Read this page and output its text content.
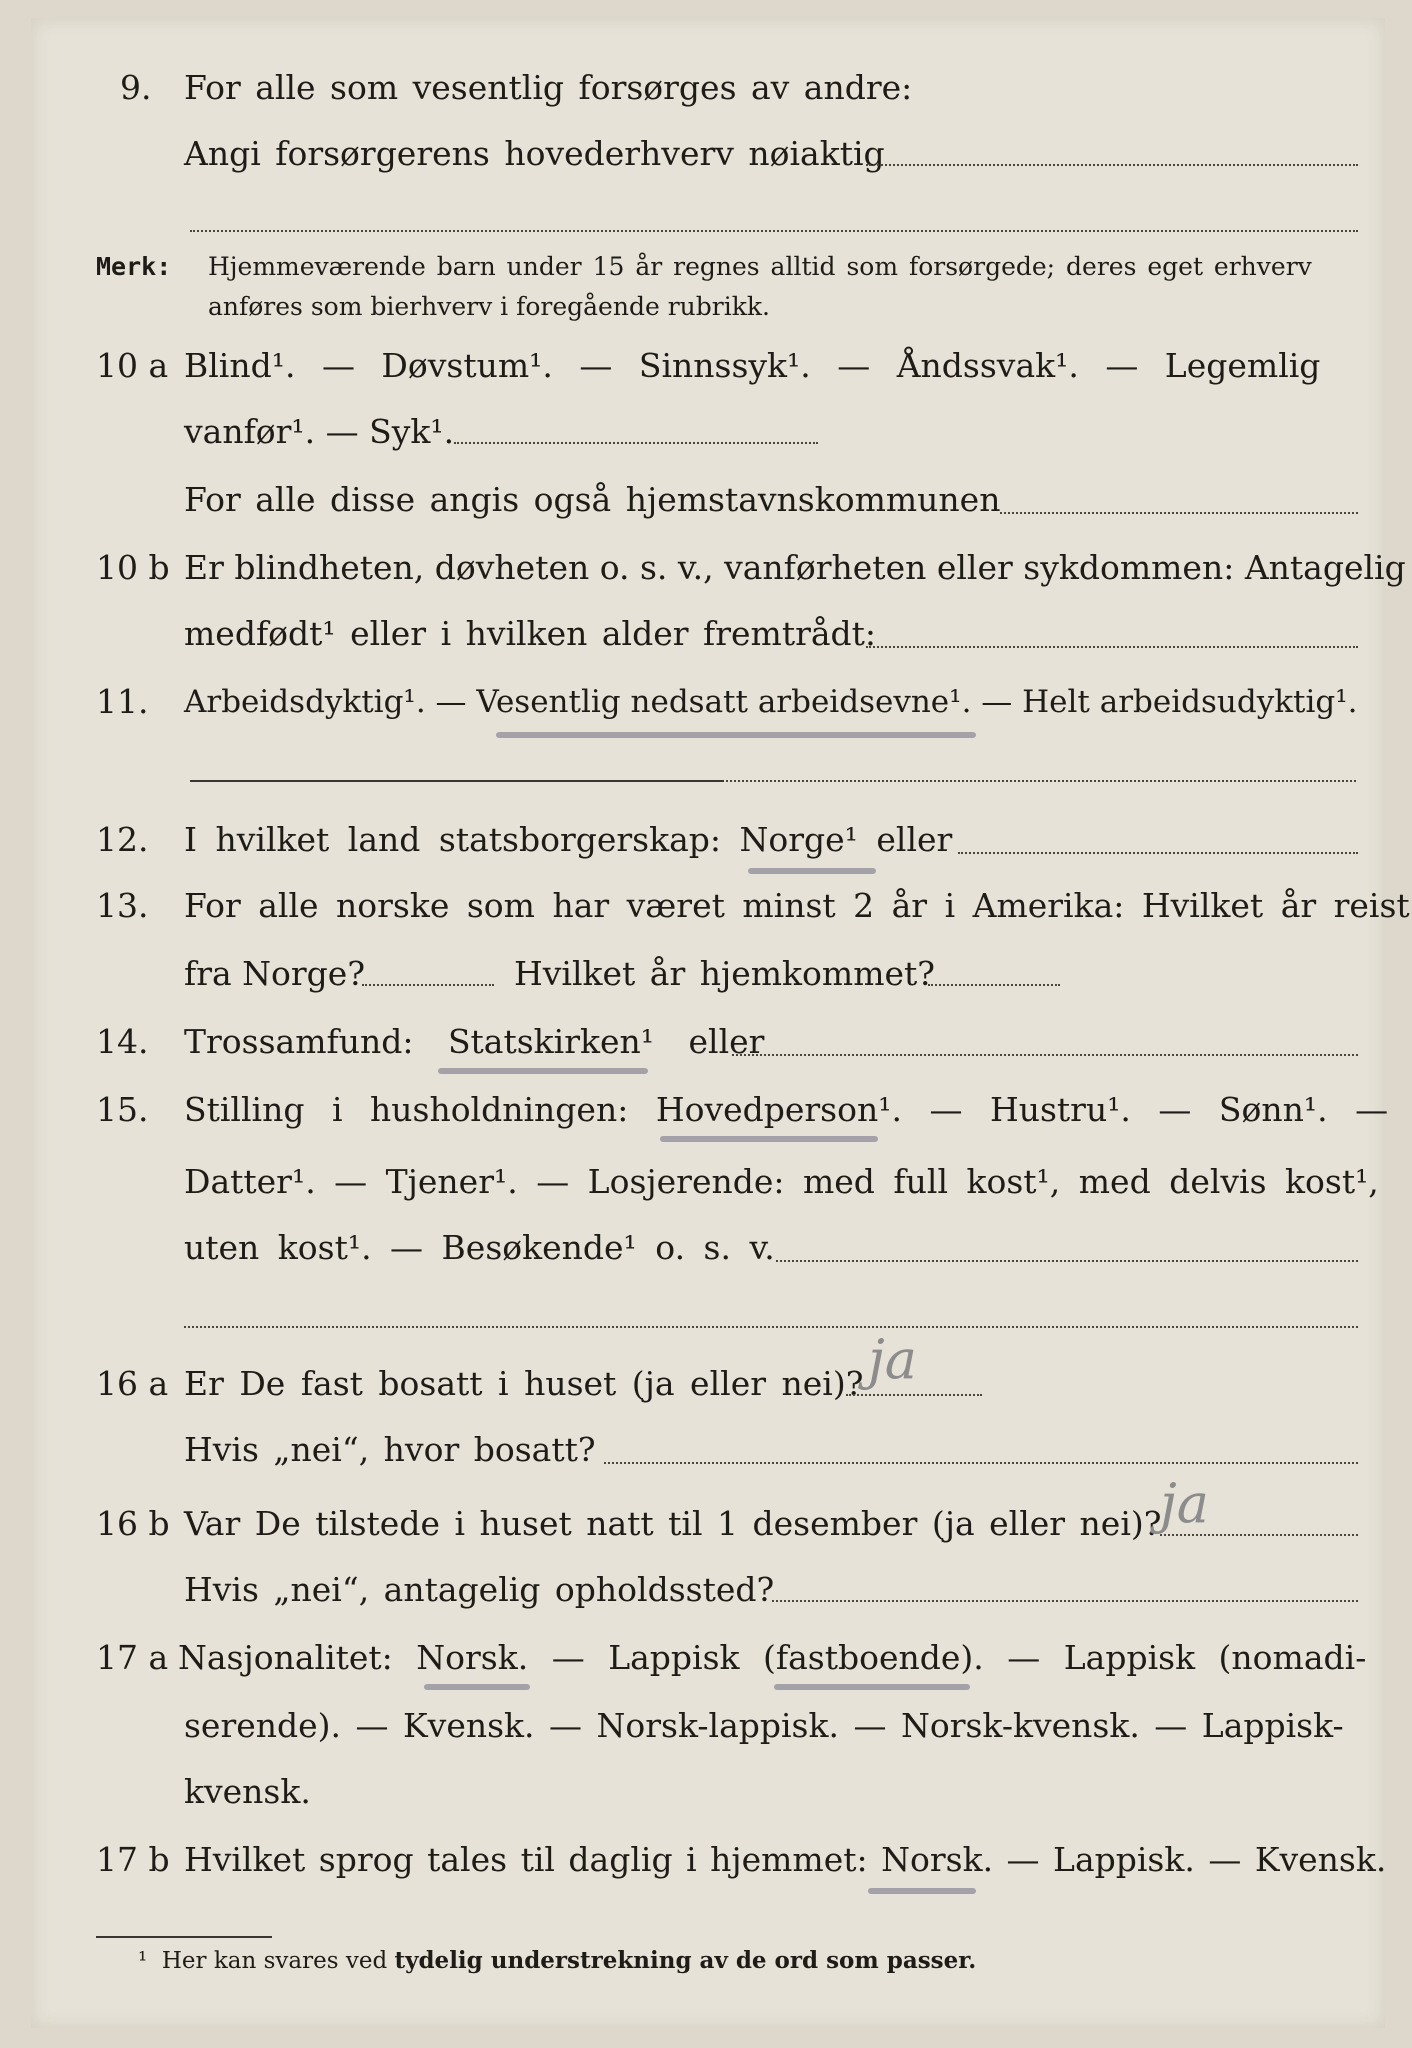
9. For alle som vesentlig forsørges av andre:
Angi forsørgerens hovederhverv nøiaktig
Merk: Hjemmeværende barn under 15 år regnes alltid som forsørgede; deres eget erhverv
anføres som bierhverv i foregående rubrikk.
10 a Blind¹. — Døvstum¹. — Sinnssyk¹. — Åndssvak¹. — Legemlig
vanfør¹. — Syk¹.
For alle disse angis også hjemstavnskommunen
10 b Er blindheten, døvheten o. s. v., vanførheten eller sykdommen: Antagelig
medfødt¹ eller i hvilken alder fremtrådt:
11. Arbeidsdyktig¹. — Vesentlig nedsatt arbeidsevne¹. — Helt arbeidsudyktig¹.
12. I hvilket land statsborgerskap: Norge¹ eller
13. For alle norske som har været minst 2 år i Amerika: Hvilket år reist
fra Norge?	Hvilket år hjemkommet?
14. Trossamfund: Statskirken¹ eller
15. Stilling i husholdningen: Hovedperson¹. — Hustru¹. — Sønn¹. —
Datter¹. — Tjener¹. — Losjerende: med full kost¹, med delvis kost¹,
uten kost¹. — Besøkende¹ o. s. v.
16 a Er De fast bosatt i huset (ja eller nei)? ja
Hvis „nei“, hvor bosatt?
16 b Var De tilstede i huset natt til 1 desember (ja eller nei)?
ja
Hvis „nei“, antagelig opholdssted?
17 a Nasjonalitet: Norsk. — Lappisk (fastboende). — Lappisk (nomadi-
serende). — Kvensk. — Norsk-lappisk. — Norsk-kvensk. — Lappisk-
kvensk.
17 b Hvilket sprog tales til daglig i hjemmet: Norsk. — Lappisk. — Kvensk.
¹ Her kan svares ved tydelig understrekning av de ord som passer.
